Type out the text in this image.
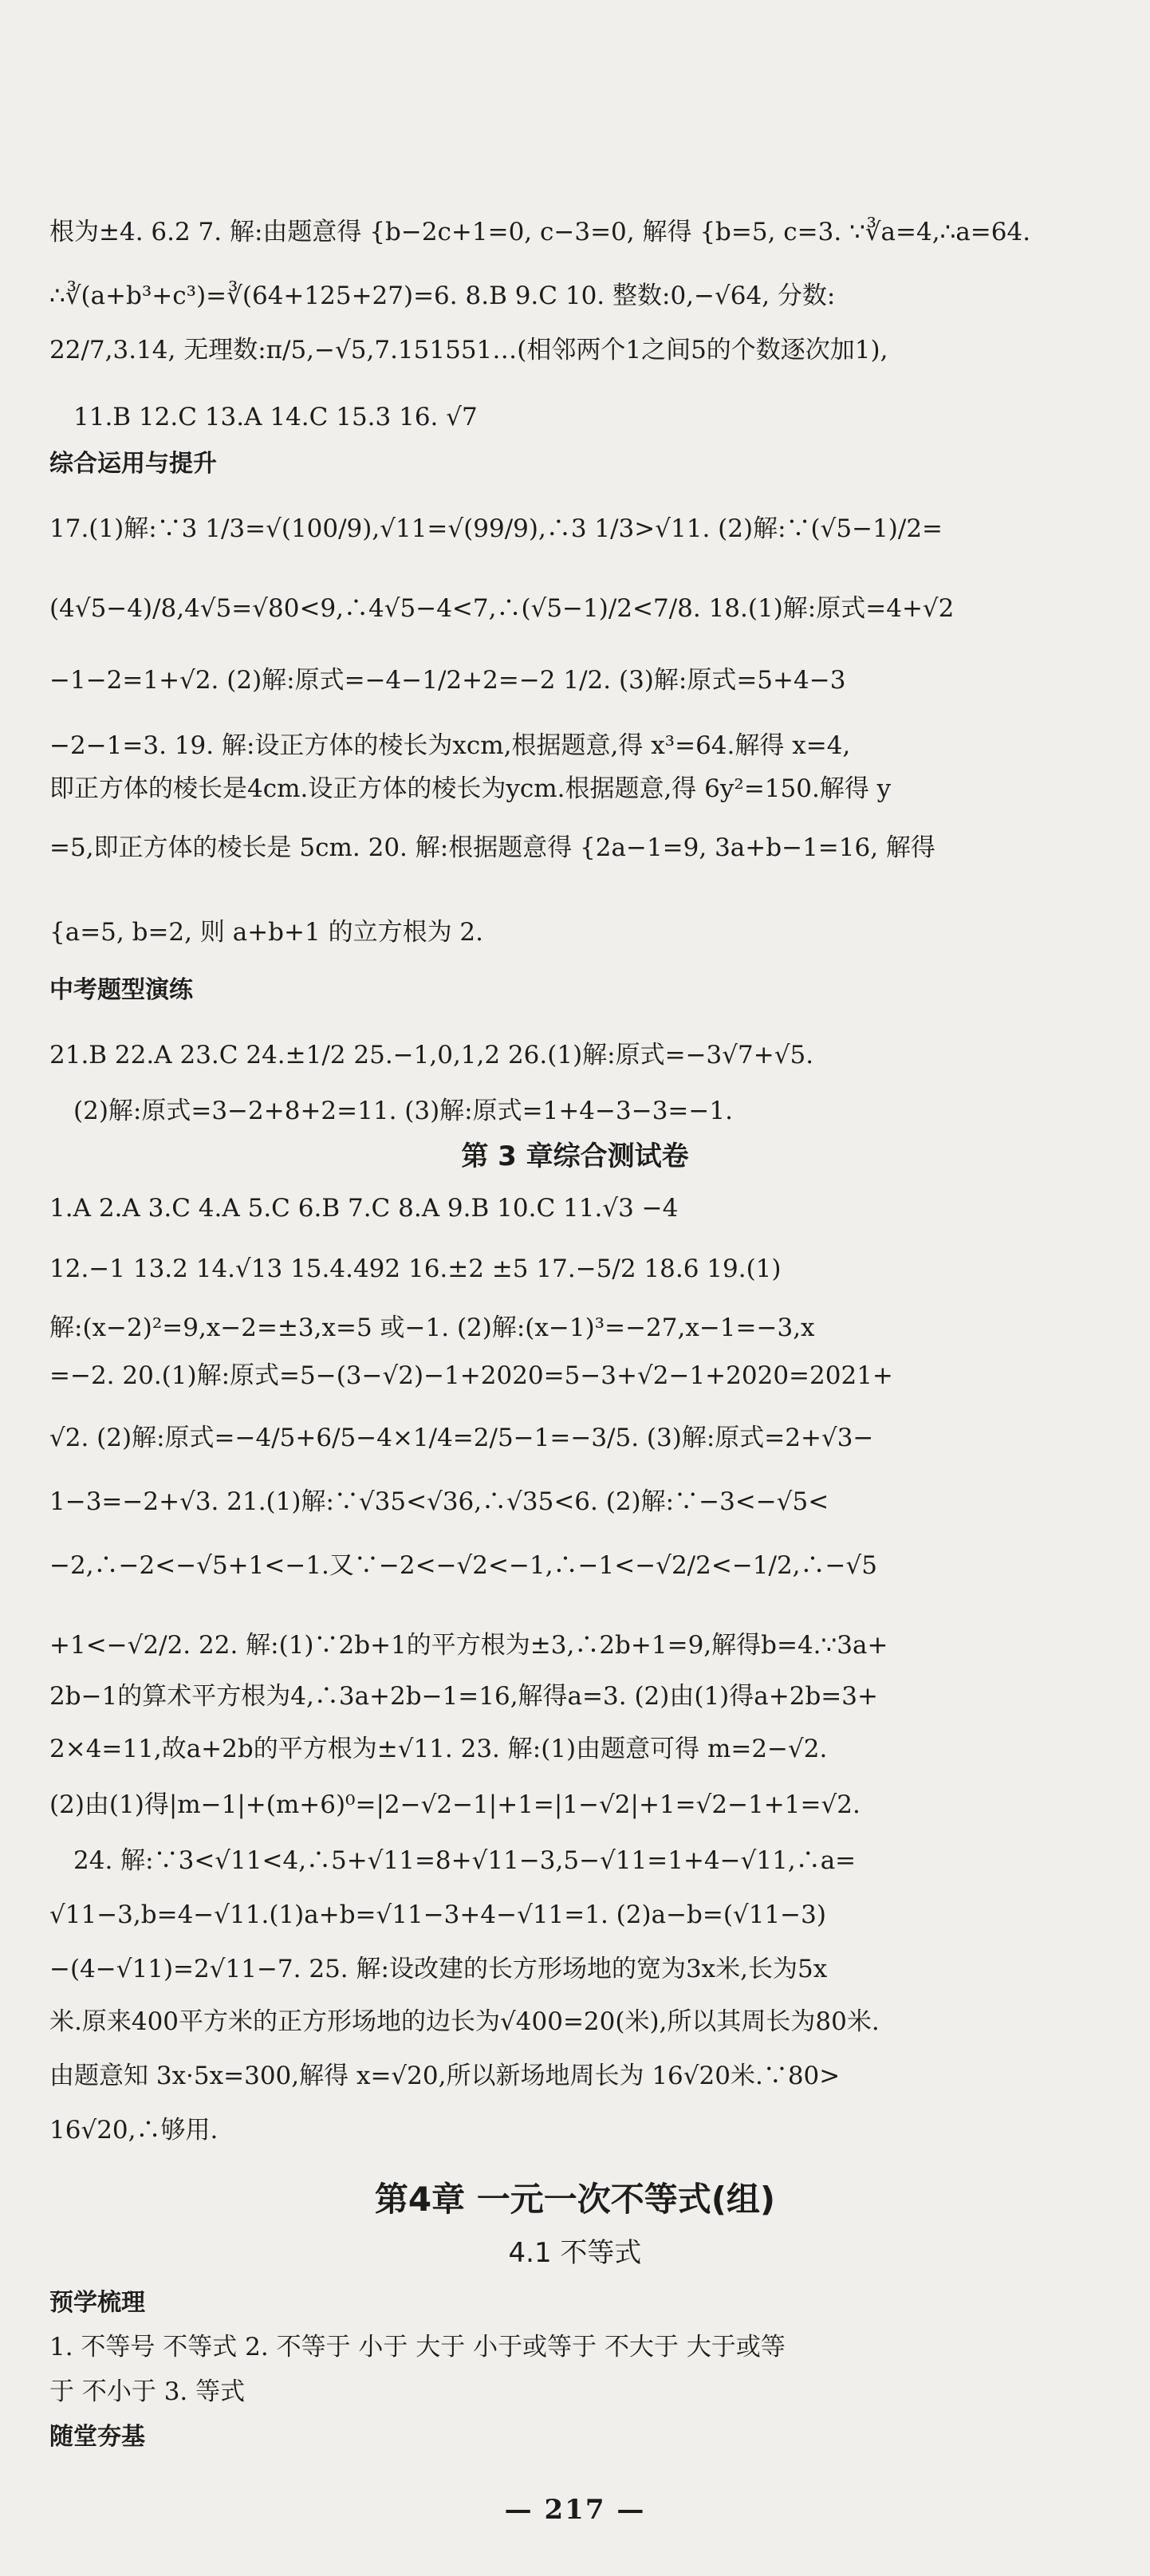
根为±4. 6.2 7. 解:由题意得 {b−2c+1=0, c−3=0, 解得 {b=5, c=3. ∵∛a=4,∴a=64.
∴∛(a+b³+c³)=∛(64+125+27)=6. 8.B 9.C 10. 整数:0,−√64, 分数:
22/7,3.14, 无理数:π/5,−√5,7.151551…(相邻两个1之间5的个数逐次加1),
11.B 12.C 13.A 14.C 15.3 16. √7
综合运用与提升
17.(1)解:∵3 1/3=√(100/9),√11=√(99/9),∴3 1/3>√11. (2)解:∵(√5−1)/2=
(4√5−4)/8,4√5=√80<9,∴4√5−4<7,∴(√5−1)/2<7/8. 18.(1)解:原式=4+√2
−1−2=1+√2. (2)解:原式=−4−1/2+2=−2 1/2. (3)解:原式=5+4−3
−2−1=3. 19. 解:设正方体的棱长为xcm,根据题意,得 x³=64.解得 x=4,
即正方体的棱长是4cm.设正方体的棱长为ycm.根据题意,得 6y²=150.解得 y
=5,即正方体的棱长是 5cm. 20. 解:根据题意得 {2a−1=9, 3a+b−1=16, 解得
{a=5, b=2, 则 a+b+1 的立方根为 2.
中考题型演练
21.B 22.A 23.C 24.±1/2 25.−1,0,1,2 26.(1)解:原式=−3√7+√5.
(2)解:原式=3−2+8+2=11. (3)解:原式=1+4−3−3=−1.
第 3 章综合测试卷
1.A 2.A 3.C 4.A 5.C 6.B 7.C 8.A 9.B 10.C 11.√3 −4
12.−1 13.2 14.√13 15.4.492 16.±2 ±5 17.−5/2 18.6 19.(1)
解:(x−2)²=9,x−2=±3,x=5 或−1. (2)解:(x−1)³=−27,x−1=−3,x
=−2. 20.(1)解:原式=5−(3−√2)−1+2020=5−3+√2−1+2020=2021+
√2. (2)解:原式=−4/5+6/5−4×1/4=2/5−1=−3/5. (3)解:原式=2+√3−
1−3=−2+√3. 21.(1)解:∵√35<√36,∴√35<6. (2)解:∵−3<−√5<
−2,∴−2<−√5+1<−1.又∵−2<−√2<−1,∴−1<−√2/2<−1/2,∴−√5
+1<−√2/2. 22. 解:(1)∵2b+1的平方根为±3,∴2b+1=9,解得b=4.∵3a+
2b−1的算术平方根为4,∴3a+2b−1=16,解得a=3. (2)由(1)得a+2b=3+
2×4=11,故a+2b的平方根为±√11. 23. 解:(1)由题意可得 m=2−√2.
(2)由(1)得|m−1|+(m+6)⁰=|2−√2−1|+1=|1−√2|+1=√2−1+1=√2.
24. 解:∵3<√11<4,∴5+√11=8+√11−3,5−√11=1+4−√11,∴a=
√11−3,b=4−√11.(1)a+b=√11−3+4−√11=1. (2)a−b=(√11−3)
−(4−√11)=2√11−7. 25. 解:设改建的长方形场地的宽为3x米,长为5x
米.原来400平方米的正方形场地的边长为√400=20(米),所以其周长为80米.
由题意知 3x·5x=300,解得 x=√20,所以新场地周长为 16√20米.∵80>
16√20,∴够用.
第4章 一元一次不等式(组)
4.1 不等式
预学梳理
1. 不等号 不等式 2. 不等于 小于 大于 小于或等于 不大于 大于或等
于 不小于 3. 等式
随堂夯基
— 217 —
